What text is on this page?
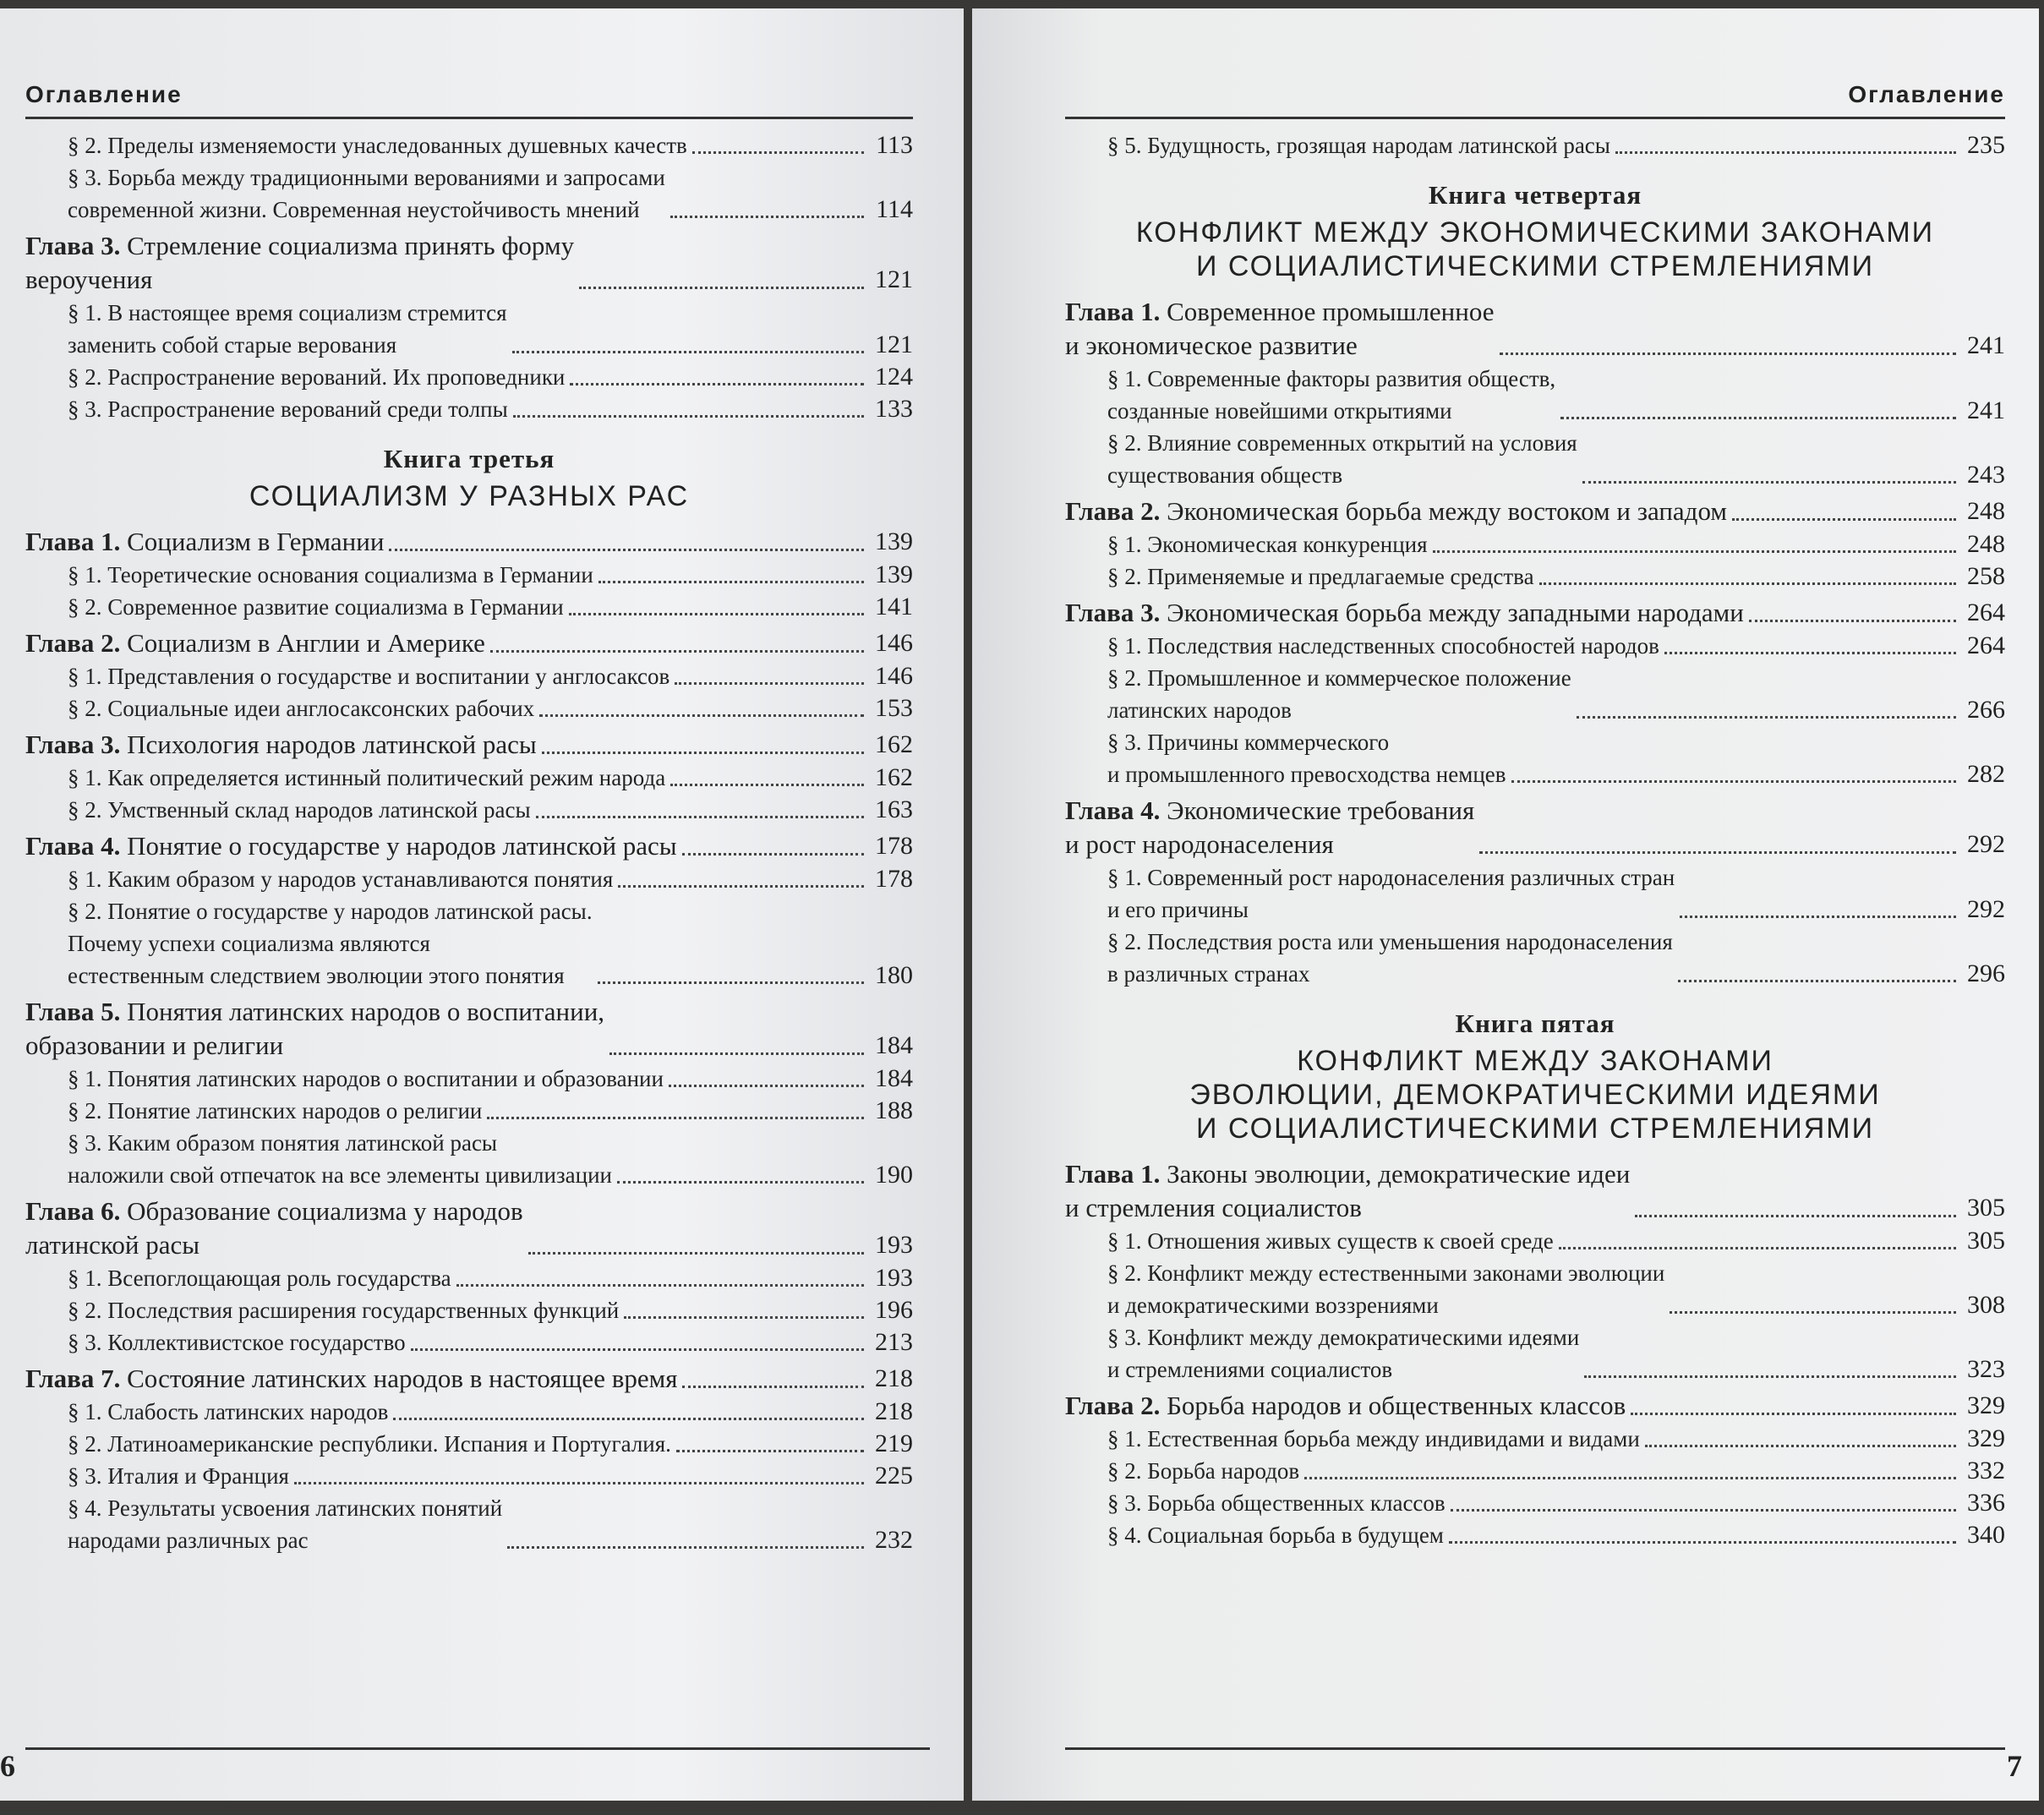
Оглавление
§ 2. Пределы изменяемости унаследованных душевных качеств	113
§ 3. Борьба между традиционными верованиями и запросами
современной жизни. Современная неустойчивость мнений	114
Глава 3. Стремление социализма принять форму
вероучения	121
§ 1. В настоящее время социализм стремится
заменить собой старые верования	121
§ 2. Распространение верований. Их проповедники	124
§ 3. Распространение верований среди толпы	133
Книга третья
СОЦИАЛИЗМ У РАЗНЫХ РАС
Глава 1. Социализм в Германии	139
§ 1. Теоретические основания социализма в Германии	139
§ 2. Современное развитие социализма в Германии	141
Глава 2. Социализм в Англии и Америке	146
§ 1. Представления о государстве и воспитании у англосаксов	146
§ 2. Социальные идеи англосаксонских рабочих	153
Глава 3. Психология народов латинской расы	162
§ 1. Как определяется истинный политический режим народа	162
§ 2. Умственный склад народов латинской расы	163
Глава 4. Понятие о государстве у народов латинской расы	178
§ 1. Каким образом у народов устанавливаются понятия	178
§ 2. Понятие о государстве у народов латинской расы.
Почему успехи социализма являются
естественным следствием эволюции этого понятия	180
Глава 5. Понятия латинских народов о воспитании,
образовании и религии	184
§ 1. Понятия латинских народов о воспитании и образовании	184
§ 2. Понятие латинских народов о религии	188
§ 3. Каким образом понятия латинской расы
наложили свой отпечаток на все элементы цивилизации	190
Глава 6. Образование социализма у народов
латинской расы	193
§ 1. Всепоглощающая роль государства	193
§ 2. Последствия расширения государственных функций	196
§ 3. Коллективистское государство	213
Глава 7. Состояние латинских народов в настоящее время	218
§ 1. Слабость латинских народов	218
§ 2. Латиноамериканские республики. Испания и Португалия.	219
§ 3. Италия и Франция	225
§ 4. Результаты усвоения латинских понятий
народами различных рас	232
6
Оглавление
§ 5. Будущность, грозящая народам латинской расы	235
Книга четвертая
КОНФЛИКТ МЕЖДУ ЭКОНОМИЧЕСКИМИ ЗАКОНАМИ
И СОЦИАЛИСТИЧЕСКИМИ СТРЕМЛЕНИЯМИ
Глава 1. Современное промышленное
и экономическое развитие	241
§ 1. Современные факторы развития обществ,
созданные новейшими открытиями	241
§ 2. Влияние современных открытий на условия
существования обществ	243
Глава 2. Экономическая борьба между востоком и западом	248
§ 1. Экономическая конкуренция	248
§ 2. Применяемые и предлагаемые средства	258
Глава 3. Экономическая борьба между западными народами	264
§ 1. Последствия наследственных способностей народов	264
§ 2. Промышленное и коммерческое положение
латинских народов	266
§ 3. Причины коммерческого
и промышленного превосходства немцев	282
Глава 4. Экономические требования
и рост народонаселения	292
§ 1. Современный рост народонаселения различных стран
и его причины	292
§ 2. Последствия роста или уменьшения народонаселения
в различных странах	296
Книга пятая
КОНФЛИКТ МЕЖДУ ЗАКОНАМИ
ЭВОЛЮЦИИ, ДЕМОКРАТИЧЕСКИМИ ИДЕЯМИ
И СОЦИАЛИСТИЧЕСКИМИ СТРЕМЛЕНИЯМИ
Глава 1. Законы эволюции, демократические идеи
и стремления социалистов	305
§ 1. Отношения живых существ к своей среде	305
§ 2. Конфликт между естественными законами эволюции
и демократическими воззрениями	308
§ 3. Конфликт между демократическими идеями
и стремлениями социалистов	323
Глава 2. Борьба народов и общественных классов	329
§ 1. Естественная борьба между индивидами и видами	329
§ 2. Борьба народов	332
§ 3. Борьба общественных классов	336
§ 4. Социальная борьба в будущем	340
7
